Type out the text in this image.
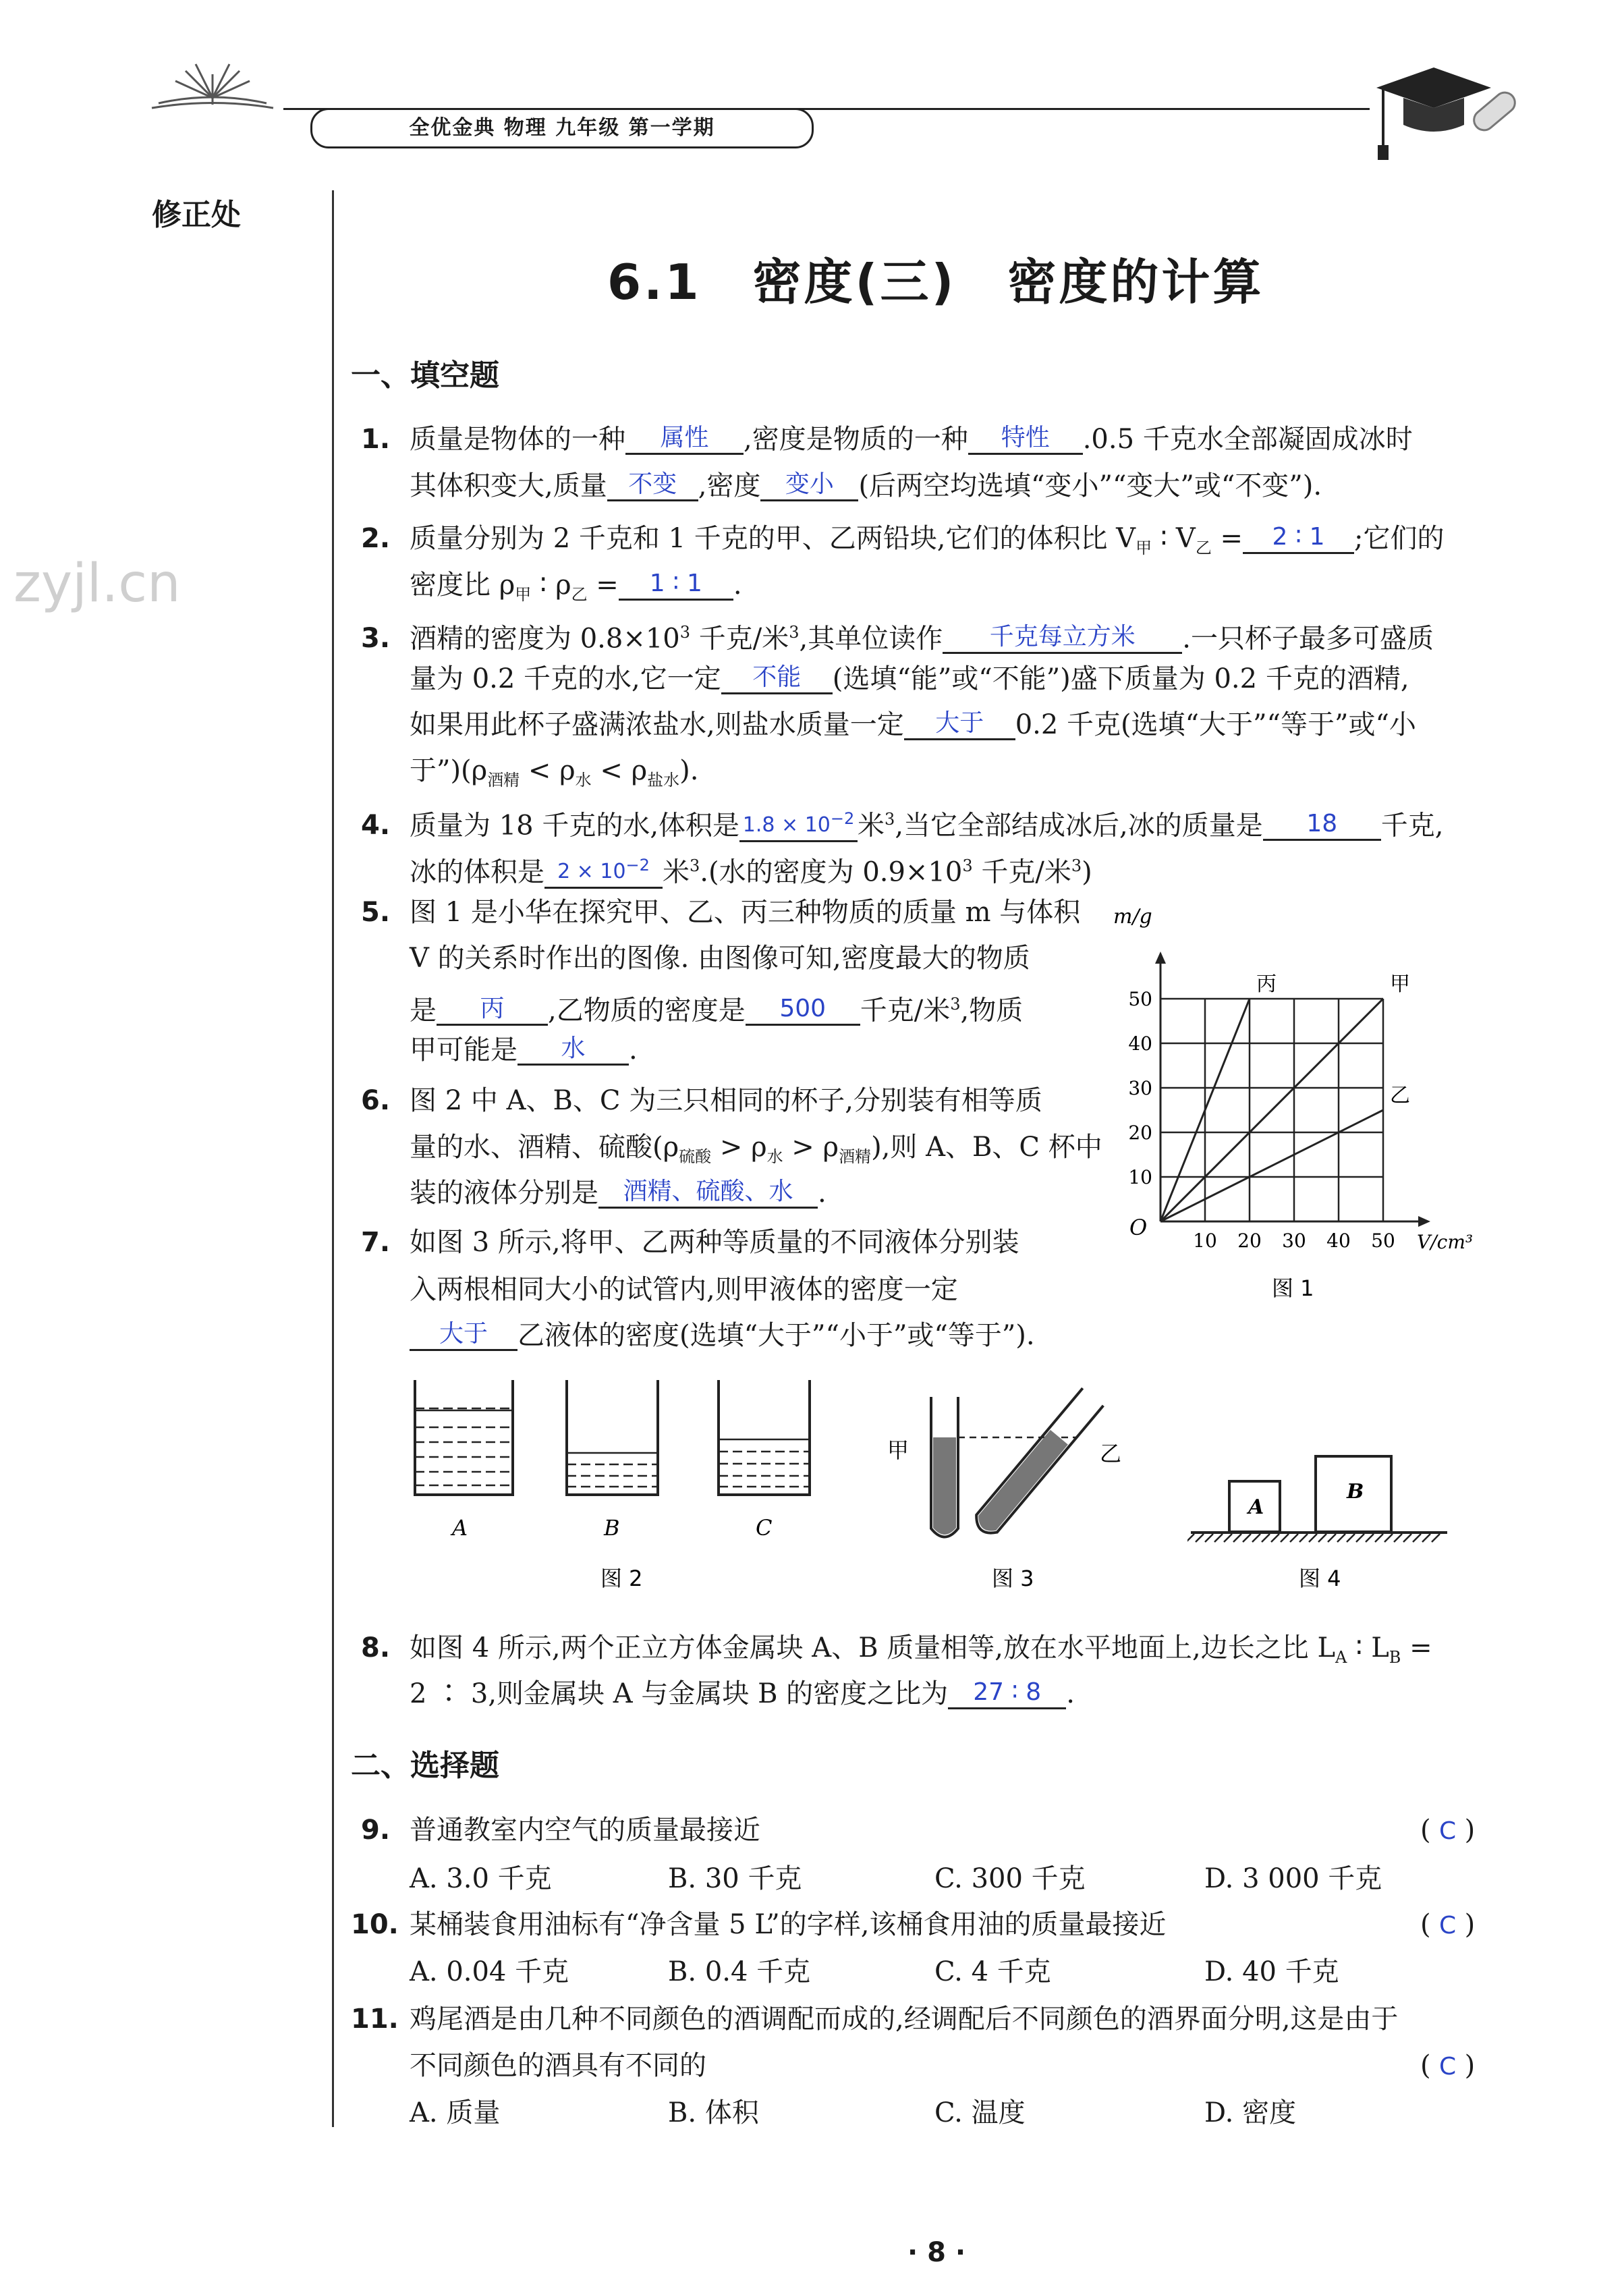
全优金典 物理 九年级 第一学期
修正处
zyjl.cn
6.1　密度(三)　密度的计算
一、填空题
1. 质量是物体的一种 属性 ,密度是物质的一种 特性 .0.5 千克水全部凝固成冰时
其体积变大,质量 不变 ,密度 变小 (后两空均选填“变小”“变大”或“不变”).
2. 质量分别为 2 千克和 1 千克的甲、乙两铅块,它们的体积比 $V_甲$ ∶ $V_乙 = 2$ ∶ 1 ;它们的
密度比 $\rho_甲$ ∶ $\rho_乙 = 1$ ∶ 1 .
3. 酒精的密度为 $0.8\times 10^3$ 千克/米$^3$,其单位读作 千克每立方米 .一只杯子最多可盛质
量为 0.2 千克的水,它一定 不能 (选填“能”或“不能”)盛下质量为 0.2 千克的酒精,
如果用此杯子盛满浓盐水,则盐水质量一定 大于 0.2 千克(选填“大于”“等于”或“小
于$”)(\rho_{酒精} < \rho_水 < \rho_{盐水})$.
4. 质量为 18 千克的水,体积是 $1.8 \times 10^{-2}$ 米$^3$,当它全部结成冰后,冰的质量是 18 千克,
冰的体积是 $2 \times 10^{-2}$ 米$^3$.(水的密度为 $0.9\times 10^3$ 千克/米$^3$)
5. 图 1 是小华在探究甲、乙、丙三种物质的质量 m 与体积
V 的关系时作出的图像. 由图像可知,密度最大的物质
是 丙 ,乙物质的密度是 500 千克/米$^3$,物质
甲可能是 水 .
6. 图 2 中 A、B、C 为三只相同的杯子,分别装有相等质
量的水、酒精、硫酸$(\rho_{硫酸} > \rho_水 > \rho_{酒精})$,则 A、B、C 杯中
装的液体分别是 酒精、硫酸、水 .
7. 如图 3 所示,将甲、乙两种等质量的不同液体分别装
入两根相同大小的试管内,则甲液体的密度一定
大于 乙液体的密度(选填“大于”“小于”或“等于”).
m/g
V/cm³
O
丙	甲
乙
10
10
20
20
30
30
40
40
50
50
图 1
A	B	C
图 2
甲	乙
图 3
A
B
图 4
8. 如图 4 所示,两个正立方体金属块 A、B 质量相等,放在水平地面上,边长之比 $L_A$ ∶ $L_B$ =
2 ∶ 3,则金属块 A 与金属块 B 的密度之比为 27 ∶ 8 .
二、选择题
9. 普通教室内空气的质量最接近	( C )
A. 3.0 千克	B. 30 千克	C. 300 千克	D. 3 000 千克
10. 某桶装食用油标有“净含量 5 L”的字样,该桶食用油的质量最接近	( C )
A. 0.04 千克	B. 0.4 千克	C. 4 千克	D. 40 千克
11. 鸡尾酒是由几种不同颜色的酒调配而成的,经调配后不同颜色的酒界面分明,这是由于
不同颜色的酒具有不同的	( C )
A. 质量	B. 体积	C. 温度	D. 密度
· 8 ·
